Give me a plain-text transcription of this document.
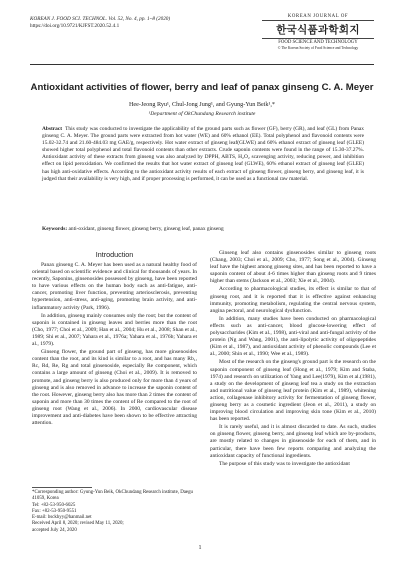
KOREAN J. FOOD SCI. TECHNOL. Vol. 52, No. 4, pp. 1~8 (2020)
https://doi.org/10.9721/KJFST.2020.52.4.1
KOREAN JOURNAL OF
한국식품과학회지
FOOD SCIENCE AND TECHNOLOGY
© The Korean Society of Food Science and Technology
Antioxidant activities of flower, berry and leaf of panax ginseng C. A. Meyer
Hee-Jeong Ryu¹, Chul-Jong Jung¹, and Gyung-Yun Beik¹,*
¹Department of OkChundang Research institute
Abstract This study was conducted to investigate the applicability of the ground parts such as flower (GF), berry (GR), and leaf (GL) from Panax ginseng C. A. Meyer. The ground parts were extracted from hot water (WE) and 60% ethanol (EE). Total polyphenol and flavonoid contents were 15.02-32.74 and 21.60-484.03 mg GAE/g, respectively. Hot water extract of ginseng leaf(GLWE) and 60% ethanol extract of ginseng leaf (GLEE) showed higher total polyphenol and total flavonoid contents than other extracts. Crude saponin contents were found in the range of 15.30-37.27%. Antioxidant activity of these extracts from ginseng was also analyzed by DPPH, ABTS, H₂O₂ scavenging activity, reducing power, and inhibition effect on lipid peroxidation. We confirmed the results that hot water extract of ginseng leaf (GLWE), 60% ethanol extract of ginseng leaf (GLEE) has high anti-oxidative effects. According to the antioxidant activity results of each extract of ginseng flower, ginseng berry, and ginseng leaf, it is judged that their availability is very high, and if proper processing is performed, it can be used as a functional raw material.
Keywords: anti-oxidant, ginseng flower, ginseng berry, ginseng leaf, panax ginseng
Introduction

Panax ginseng C. A. Meyer has been used as a natural healthy food of oriental based on scientific evidence and clinical for thousands of years. In recently, Saponins, ginsenosides possessed by ginseng, have been reported to have various effects on the human body such as anti-fatigue, anti-cancer, promoting liver function, preventing arteriosclerosis, preventing hypertension, anti-stress, anti-aging, promoting brain activity, and anti-inflammatory activity (Park, 1996).

In addition, ginseng mainly consumes only the root; but the content of saponin is contained in ginseng leaves and berries more than the root (Cho, 1977; Choi et al., 2009; Han et al., 2004; Hu et al., 2008; Shan et al., 1989; Shi et al., 2007; Yahara et al., 1976a; Yahara et al., 1976b; Yahara et al., 1979).

Ginseng flower, the ground part of ginseng, has more ginsenosides content than the root, and its kind is similar to a root, and has many Rb₁, Rc, Rd, Re, Rg and total ginsenoside, especially Re component, which contains a large amount of ginseng (Choi et al., 2009). It is removed to promote, and ginseng berry is also produced only for more than 4 years of ginseng and is also removed in advance to increase the saponin content of the root. However, ginseng berry also has more than 2 times the content of saponin and more than 30 times the content of Re compared to the root of ginseng root (Wang et al., 2006). In 2000, cardiovascular disease improvement and anti-diabetes have been shown to be effective attracting attention.

Ginseng leaf also contains ginsenosides similar to ginseng roots (Chang, 2003; Choi et al., 2009; Cho, 1977; Song et al., 2004). Ginseng leaf have the highest among ginseng sites, and has been reported to have a saponin content of about 4-6 times higher than ginseng roots and 9 times higher than stems (Jackson et al., 2003; Xie et al., 2004).

According to pharmacological studies, its effect is similar to that of ginseng root, and it is reported that it is effective against enhancing immunity, promoting metabolism, regulating the central nervous system, angina pectoral, and neurological dysfunction.

In addition, many studies have been conducted on pharmacological effects such as anti-cancer, blood glucose-lowering effect of polysaccharides (Kim et al., 1998), anti-viral and anti-fungal activity of the protein (Ng and Wang, 2001), the anti-lipolytic activity of oligopeptides (Kim et al., 1987), and antioxidant activity of phenolic compounds (Lee et al., 2000; Shin et al., 1990; Wee et al., 1989).

Most of the research on the ginseng's ground part is the research on the saponin component of ginseng leaf (Hong et al., 1979; Kim and Staba, 1974) and research on utilization of Yang and Lee(1979), Kim et al.(1981), a study on the development of ginseng leaf tea a study on the extraction and nutritional value of ginseng leaf protein (Kim et al., 1989), whitening action, collagenase inhibitory activity for fermentation of ginseng flower, ginseng berry as a cosmetic ingredient (Jeon et al., 2011), a study on improving blood circulation and improving skin tone (Kim et al., 2010) has been reported.

It is rarely useful, and it is almost discarded to date. As such, studies on ginseng flower, ginseng berry, and ginseng leaf which are by-products, are mostly related to changes in ginsenoside for each of them, and in particular, there have been few reports comparing and analyzing the antioxidant capacity of functional ingredients.

The purpose of this study was to investigate the antioxidant

*Corresponding author: Gyung-Yun Beik, OkChundang Research institute, Daegu 41059, Korea
Tel: +82-53-950-6025
Fax: +82-53-950-9551
E-mail: bsckhyy@hanmail.net
Received April 8, 2020; revised May 11, 2020;
accepted July 24, 2020
1
